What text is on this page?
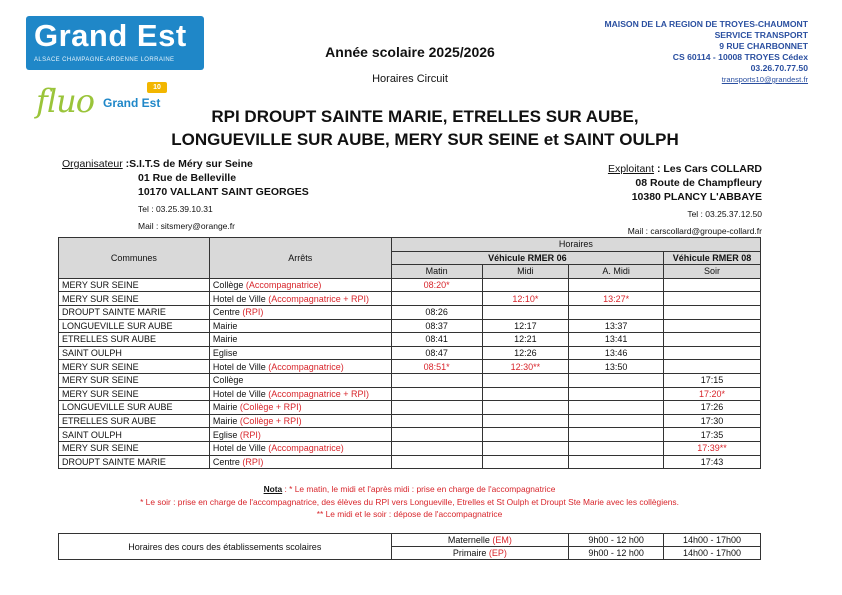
Grand Est
ALSACE CHAMPAGNE-ARDENNE LORRAINE
fluo Grand Est
10
Année scolaire 2025/2026
Horaires Circuit
MAISON DE LA REGION DE TROYES-CHAUMONT
SERVICE TRANSPORT
9 RUE CHARBONNET
CS 60114 - 10008 TROYES Cédex
03.26.70.77.50
transports10@grandest.fr
RPI DROUPT SAINTE MARIE, ETRELLES SUR AUBE,
LONGUEVILLE SUR AUBE, MERY SUR SEINE et SAINT OULPH
Organisateur :S.I.T.S de Méry sur Seine
01 Rue de Belleville
10170 VALLANT SAINT GEORGES
Tel : 03.25.39.10.31
Mail : sitsmery@orange.fr
Exploitant : Les Cars COLLARD
08 Route de Champfleury
10380 PLANCY L'ABBAYE
Tel : 03.25.37.12.50
Mail : carscollard@groupe-collard.fr
Communes	Arrêts	Horaires			
		Véhicule RMER 06			Véhicule RMER 08
		Matin	Midi	A. Midi	Soir
MERY SUR SEINE	Collège (Accompagnatrice)	08:20*			
MERY SUR SEINE	Hotel de Ville (Accompagnatrice + RPI)		12:10*	13:27*	
DROUPT SAINTE MARIE	Centre (RPI)	08:26			
LONGUEVILLE SUR AUBE	Mairie	08:37	12:17	13:37	
ETRELLES SUR AUBE	Mairie	08:41	12:21	13:41	
SAINT OULPH	Eglise	08:47	12:26	13:46	
MERY SUR SEINE	Hotel de Ville (Accompagnatrice)	08:51*	12:30**	13:50	
MERY SUR SEINE	Collège				17:15
MERY SUR SEINE	Hotel de Ville (Accompagnatrice + RPI)				17:20*
LONGUEVILLE SUR AUBE	Mairie (Collège + RPI)				17:26
ETRELLES SUR AUBE	Mairie (Collège + RPI)				17:30
SAINT OULPH	Eglise (RPI)				17:35
MERY SUR SEINE	Hotel de Ville (Accompagnatrice)				17:39**
DROUPT SAINTE MARIE	Centre (RPI)				17:43
Nota : * Le matin, le midi et l'après midi : prise en charge de l'accompagnatrice
* Le soir : prise en charge de l'accompagnatrice, des élèves du RPI vers Longueville, Etrelles et St Oulph et Droupt Ste Marie avec les collègiens.
** Le midi et le soir : dépose de l'accompagnatrice
Horaires des cours des établissements scolaires	Maternelle (EM)	9h00 - 12 h00	14h00 - 17h00
	Primaire (EP)	9h00 - 12 h00	14h00 - 17h00
